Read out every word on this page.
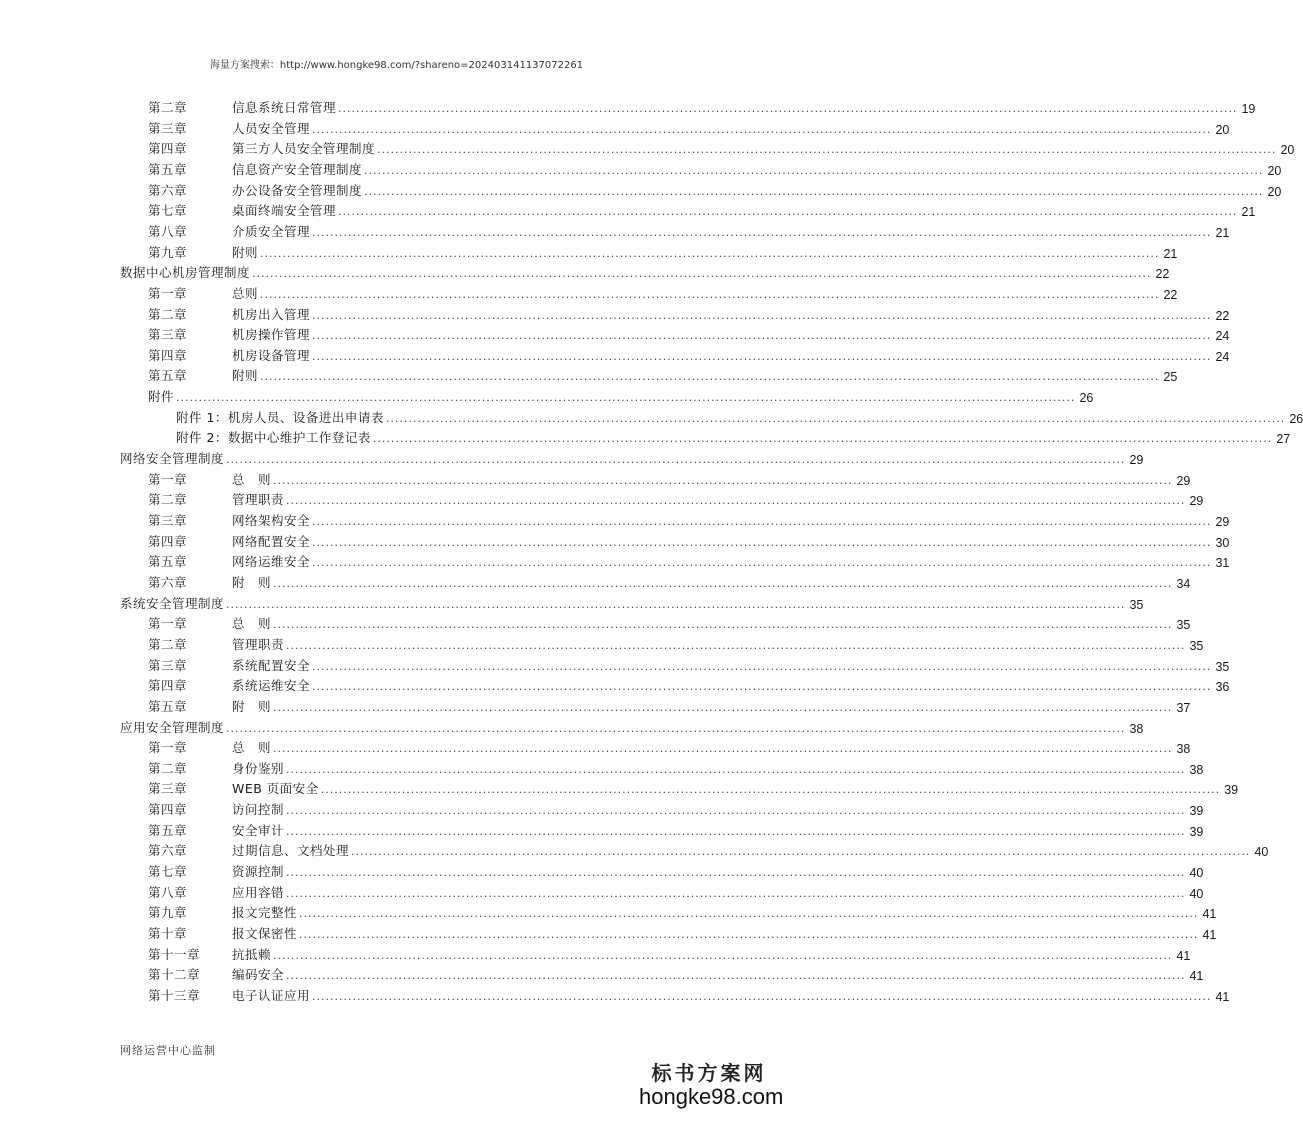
海量方案搜索：http://www.hongke98.com/?shareno=202403141137072261
第二章	信息系统日常管理 ........................................................................................................................................................................................................ 19
第三章	人员安全管理 ........................................................................................................................................................................................................ 20
第四章	第三方人员安全管理制度 ........................................................................................................................................................................................................ 20
第五章	信息资产安全管理制度 ........................................................................................................................................................................................................ 20
第六章	办公设备安全管理制度 ........................................................................................................................................................................................................ 20
第七章	桌面终端安全管理 ........................................................................................................................................................................................................ 21
第八章	介质安全管理 ........................................................................................................................................................................................................ 21
第九章	附则 ........................................................................................................................................................................................................ 21
数据中心机房管理制度 ........................................................................................................................................................................................................ 22
第一章	总则 ........................................................................................................................................................................................................ 22
第二章	机房出入管理 ........................................................................................................................................................................................................ 22
第三章	机房操作管理 ........................................................................................................................................................................................................ 24
第四章	机房设备管理 ........................................................................................................................................................................................................ 24
第五章	附则 ........................................................................................................................................................................................................ 25
附件 ........................................................................................................................................................................................................ 26
附件 1：机房人员、设备进出申请表 ........................................................................................................................................................................................................ 26
附件 2：数据中心维护工作登记表 ........................................................................................................................................................................................................ 27
网络安全管理制度 ........................................................................................................................................................................................................ 29
第一章	总　则 ........................................................................................................................................................................................................ 29
第二章	管理职责 ........................................................................................................................................................................................................ 29
第三章	网络架构安全 ........................................................................................................................................................................................................ 29
第四章	网络配置安全 ........................................................................................................................................................................................................ 30
第五章	网络运维安全 ........................................................................................................................................................................................................ 31
第六章	附　则 ........................................................................................................................................................................................................ 34
系统安全管理制度 ........................................................................................................................................................................................................ 35
第一章	总　则 ........................................................................................................................................................................................................ 35
第二章	管理职责 ........................................................................................................................................................................................................ 35
第三章	系统配置安全 ........................................................................................................................................................................................................ 35
第四章	系统运维安全 ........................................................................................................................................................................................................ 36
第五章	附　则 ........................................................................................................................................................................................................ 37
应用安全管理制度 ........................................................................................................................................................................................................ 38
第一章	总　则 ........................................................................................................................................................................................................ 38
第二章	身份鉴别 ........................................................................................................................................................................................................ 38
第三章	WEB 页面安全 ........................................................................................................................................................................................................ 39
第四章	访问控制 ........................................................................................................................................................................................................ 39
第五章	安全审计 ........................................................................................................................................................................................................ 39
第六章	过期信息、文档处理 ........................................................................................................................................................................................................ 40
第七章	资源控制 ........................................................................................................................................................................................................ 40
第八章	应用容错 ........................................................................................................................................................................................................ 40
第九章	报文完整性 ........................................................................................................................................................................................................ 41
第十章	报文保密性 ........................................................................................................................................................................................................ 41
第十一章	抗抵赖 ........................................................................................................................................................................................................ 41
第十二章	编码安全 ........................................................................................................................................................................................................ 41
第十三章	电子认证应用 ........................................................................................................................................................................................................ 41
网络运营中心监制
标书方案网
hongke98.com
